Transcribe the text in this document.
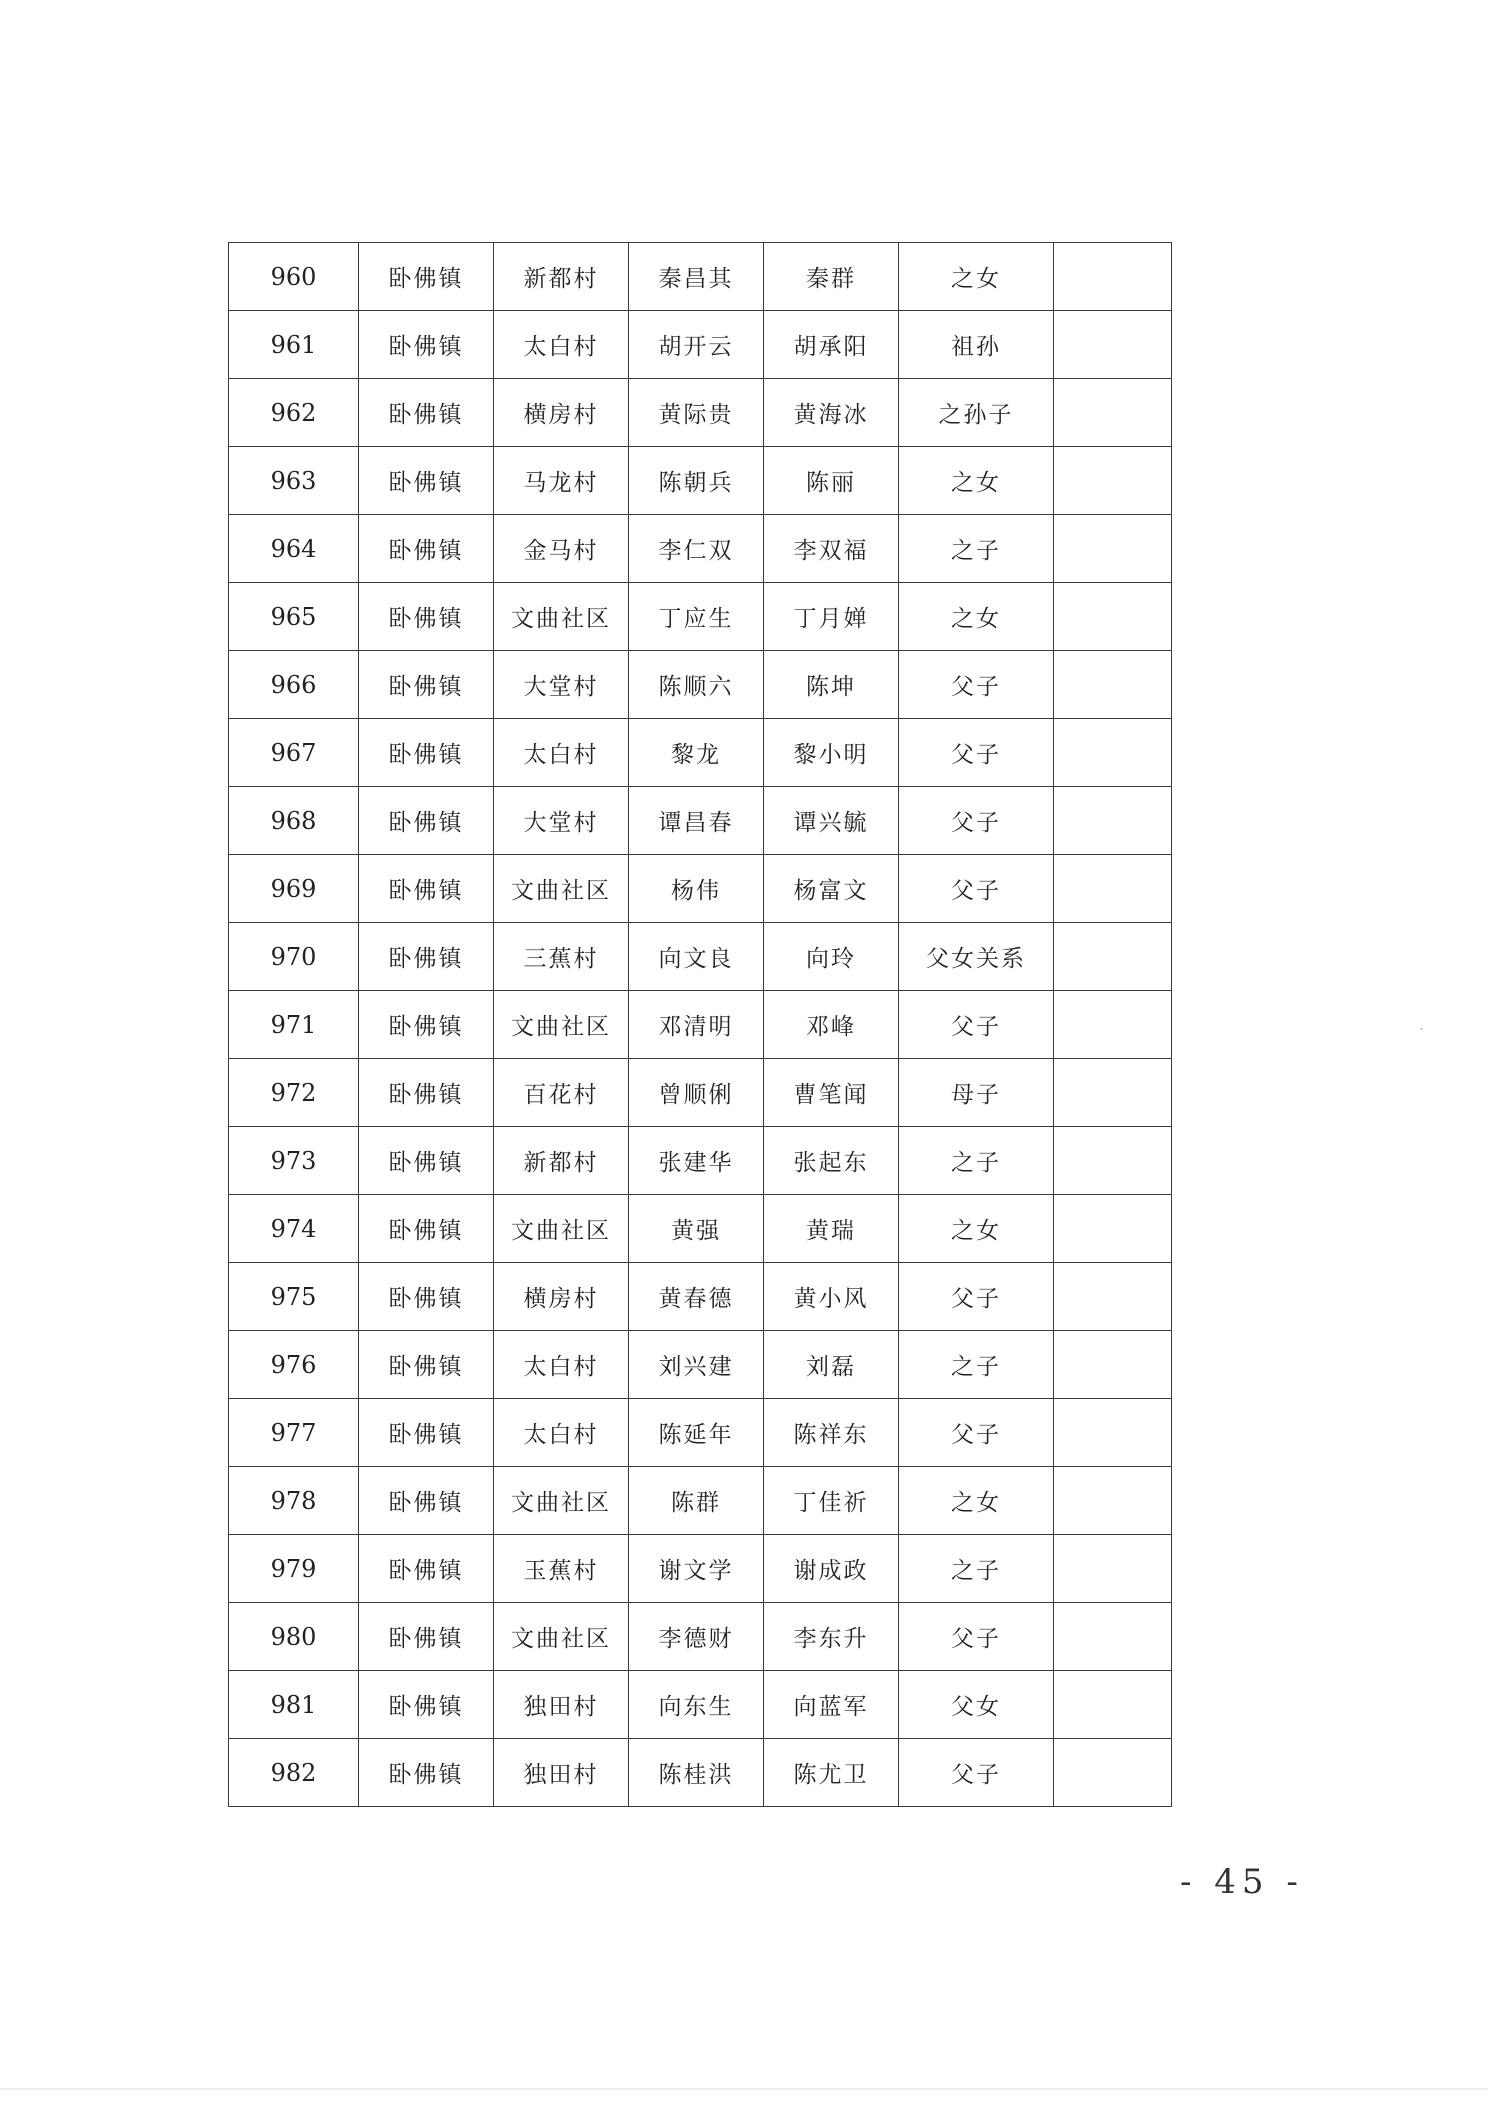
960	卧佛镇	新都村	秦昌其	秦群	之女	
961	卧佛镇	太白村	胡开云	胡承阳	祖孙	
962	卧佛镇	横房村	黄际贵	黄海冰	之孙子	
963	卧佛镇	马龙村	陈朝兵	陈丽	之女	
964	卧佛镇	金马村	李仁双	李双福	之子	
965	卧佛镇	文曲社区	丁应生	丁月婵	之女	
966	卧佛镇	大堂村	陈顺六	陈坤	父子	
967	卧佛镇	太白村	黎龙	黎小明	父子	
968	卧佛镇	大堂村	谭昌春	谭兴毓	父子	
969	卧佛镇	文曲社区	杨伟	杨富文	父子	
970	卧佛镇	三蕉村	向文良	向玲	父女关系	
971	卧佛镇	文曲社区	邓清明	邓峰	父子	
972	卧佛镇	百花村	曾顺俐	曹笔闻	母子	
973	卧佛镇	新都村	张建华	张起东	之子	
974	卧佛镇	文曲社区	黄强	黄瑞	之女	
975	卧佛镇	横房村	黄春德	黄小风	父子	
976	卧佛镇	太白村	刘兴建	刘磊	之子	
977	卧佛镇	太白村	陈延年	陈祥东	父子	
978	卧佛镇	文曲社区	陈群	丁佳祈	之女	
979	卧佛镇	玉蕉村	谢文学	谢成政	之子	
980	卧佛镇	文曲社区	李德财	李东升	父子	
981	卧佛镇	独田村	向东生	向蓝军	父女	
982	卧佛镇	独田村	陈桂洪	陈尤卫	父子	
- 45 -
